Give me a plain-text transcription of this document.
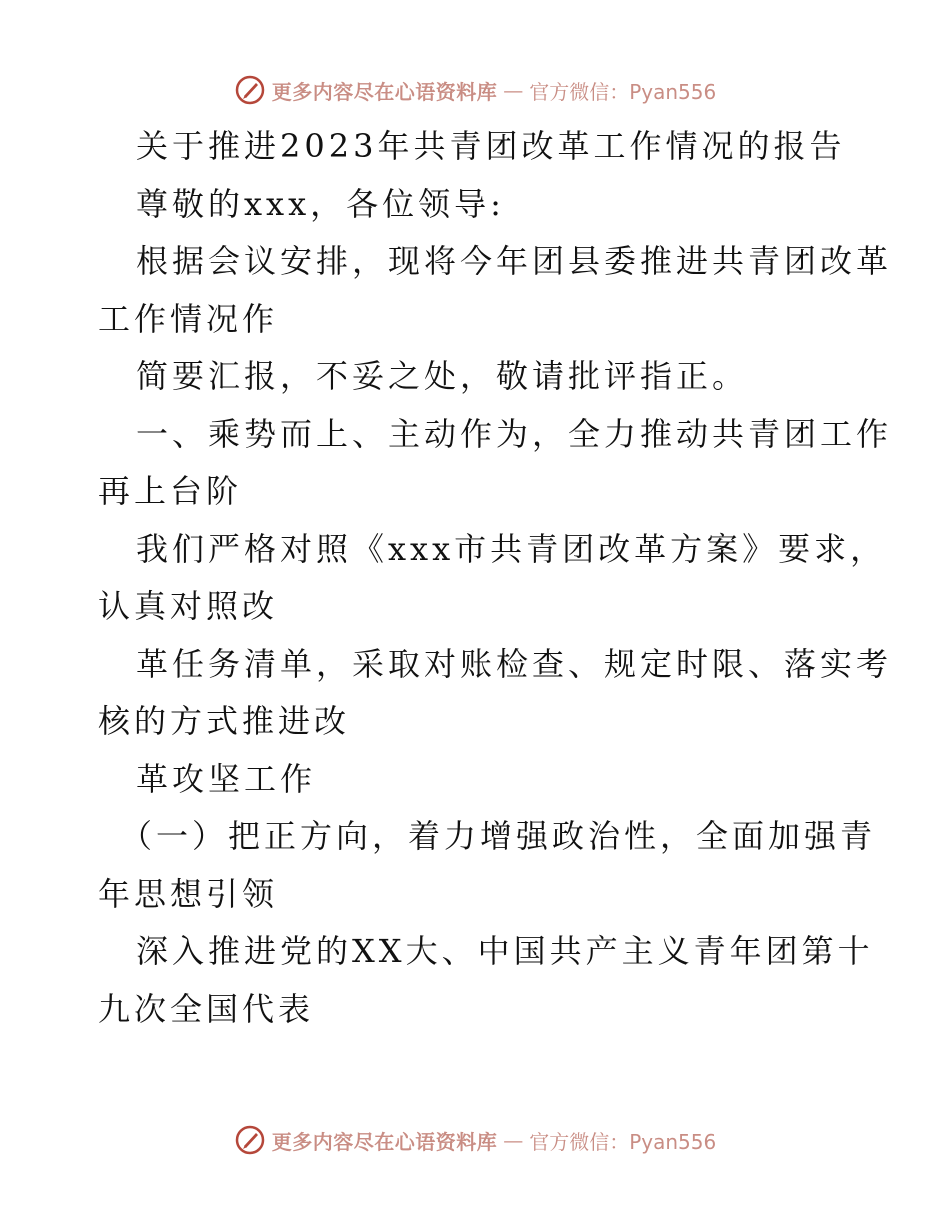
更多内容尽在心语资料库 — 官方微信：Pyan556
关于推进2023年共青团改革工作情况的报告
尊敬的xxx，各位领导:
根据会议安排，现将今年团县委推进共青团改革
工作情况作
简要汇报，不妥之处，敬请批评指正。
一、乘势而上、主动作为，全力推动共青团工作
再上台阶
我们严格对照《xxx市共青团改革方案》要求，
认真对照改
革任务清单，采取对账检查、规定时限、落实考
核的方式推进改
革攻坚工作
（一）把正方向，着力增强政治性，全面加强青
年思想引领
深入推进党的XX大、中国共产主义青年团第十
九次全国代表
更多内容尽在心语资料库 — 官方微信：Pyan556
